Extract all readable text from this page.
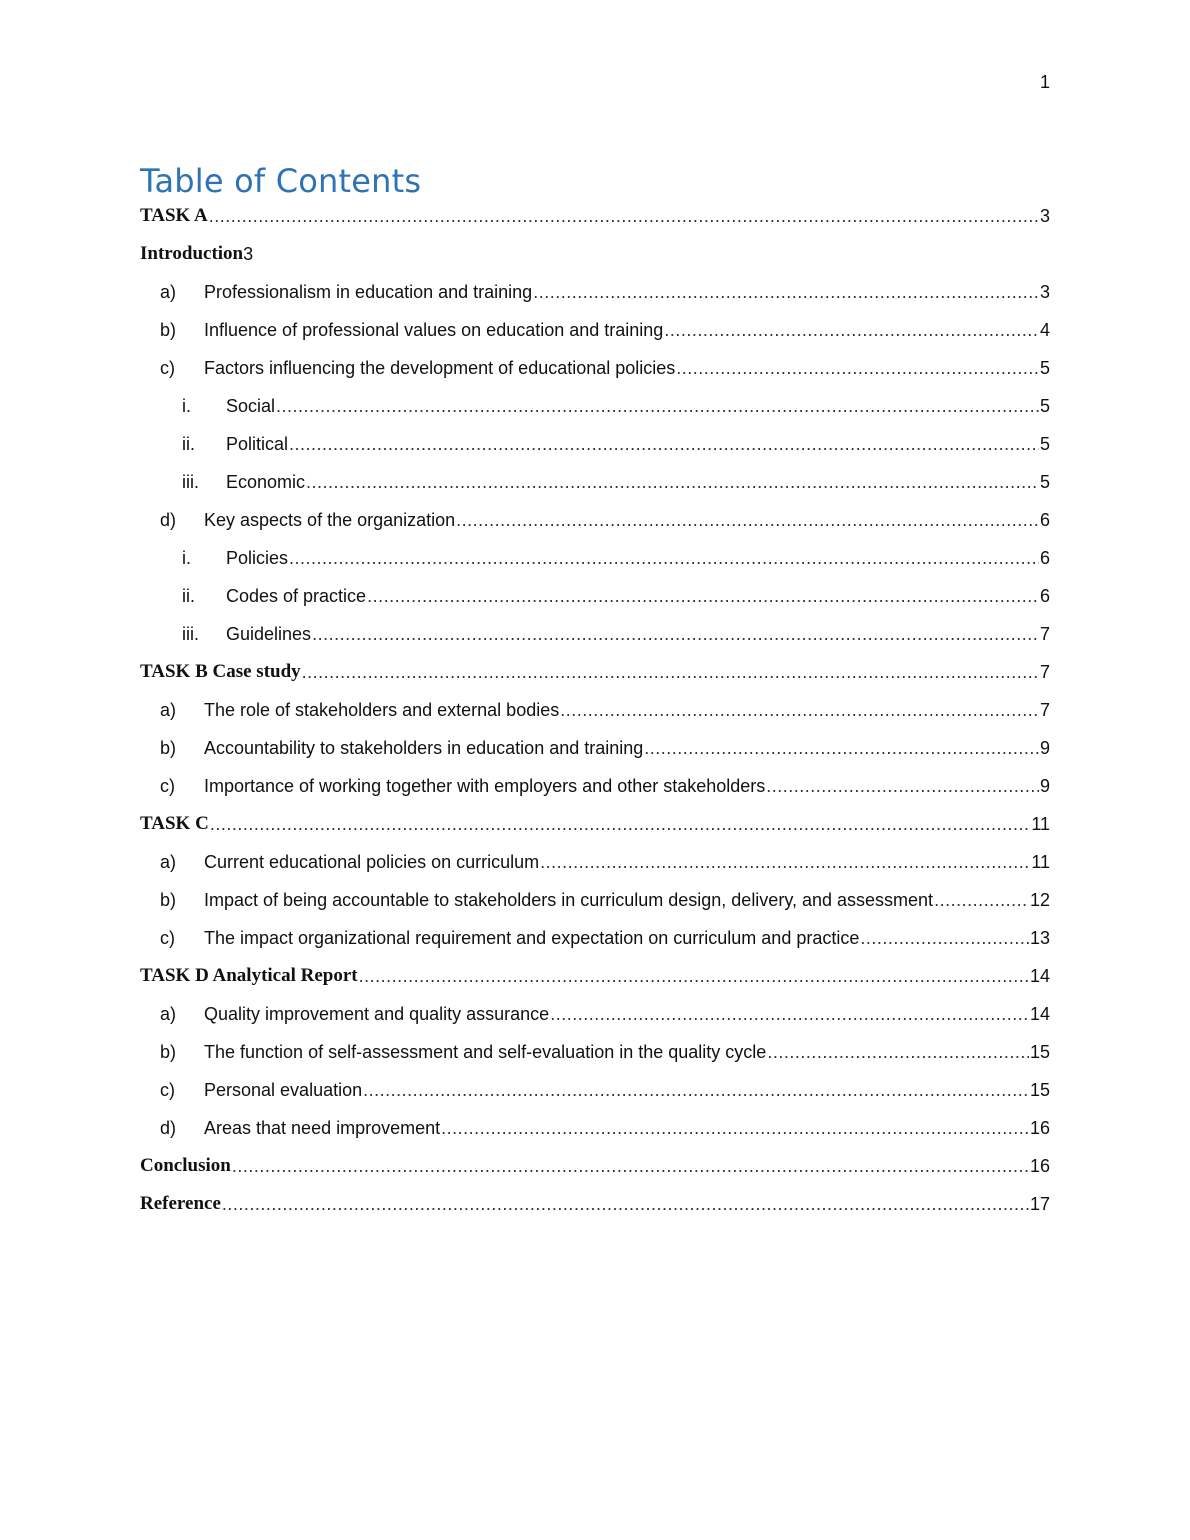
1
Table of Contents
TASK A .....	3
Introduction 3
a)	Professionalism in education and training .....	3
b)	Influence of professional values on education and training .....	4
c)	Factors influencing the development of educational policies .....	5
i.	Social .....	5
ii.	Political .....	5
iii.	Economic .....	5
d)	Key aspects of the organization .....	6
i.	Policies .....	6
ii.	Codes of practice .....	6
iii.	Guidelines .....	7
TASK B Case study .....	7
a)	The role of stakeholders and external bodies .....	7
b)	Accountability to stakeholders in education and training .....	9
c)	Importance of working together with employers and other stakeholders .....	9
TASK C .....	11
a)	Current educational policies on curriculum .....	11
b)	Impact of being accountable to stakeholders in curriculum design, delivery, and assessment .....	12
c)	The impact organizational requirement and expectation on curriculum and practice .....	13
TASK D Analytical Report .....	14
a)	Quality improvement and quality assurance .....	14
b)	The function of self-assessment and self-evaluation in the quality cycle .....	15
c)	Personal evaluation .....	15
d)	Areas that need improvement .....	16
Conclusion .....	16
Reference .....	17
